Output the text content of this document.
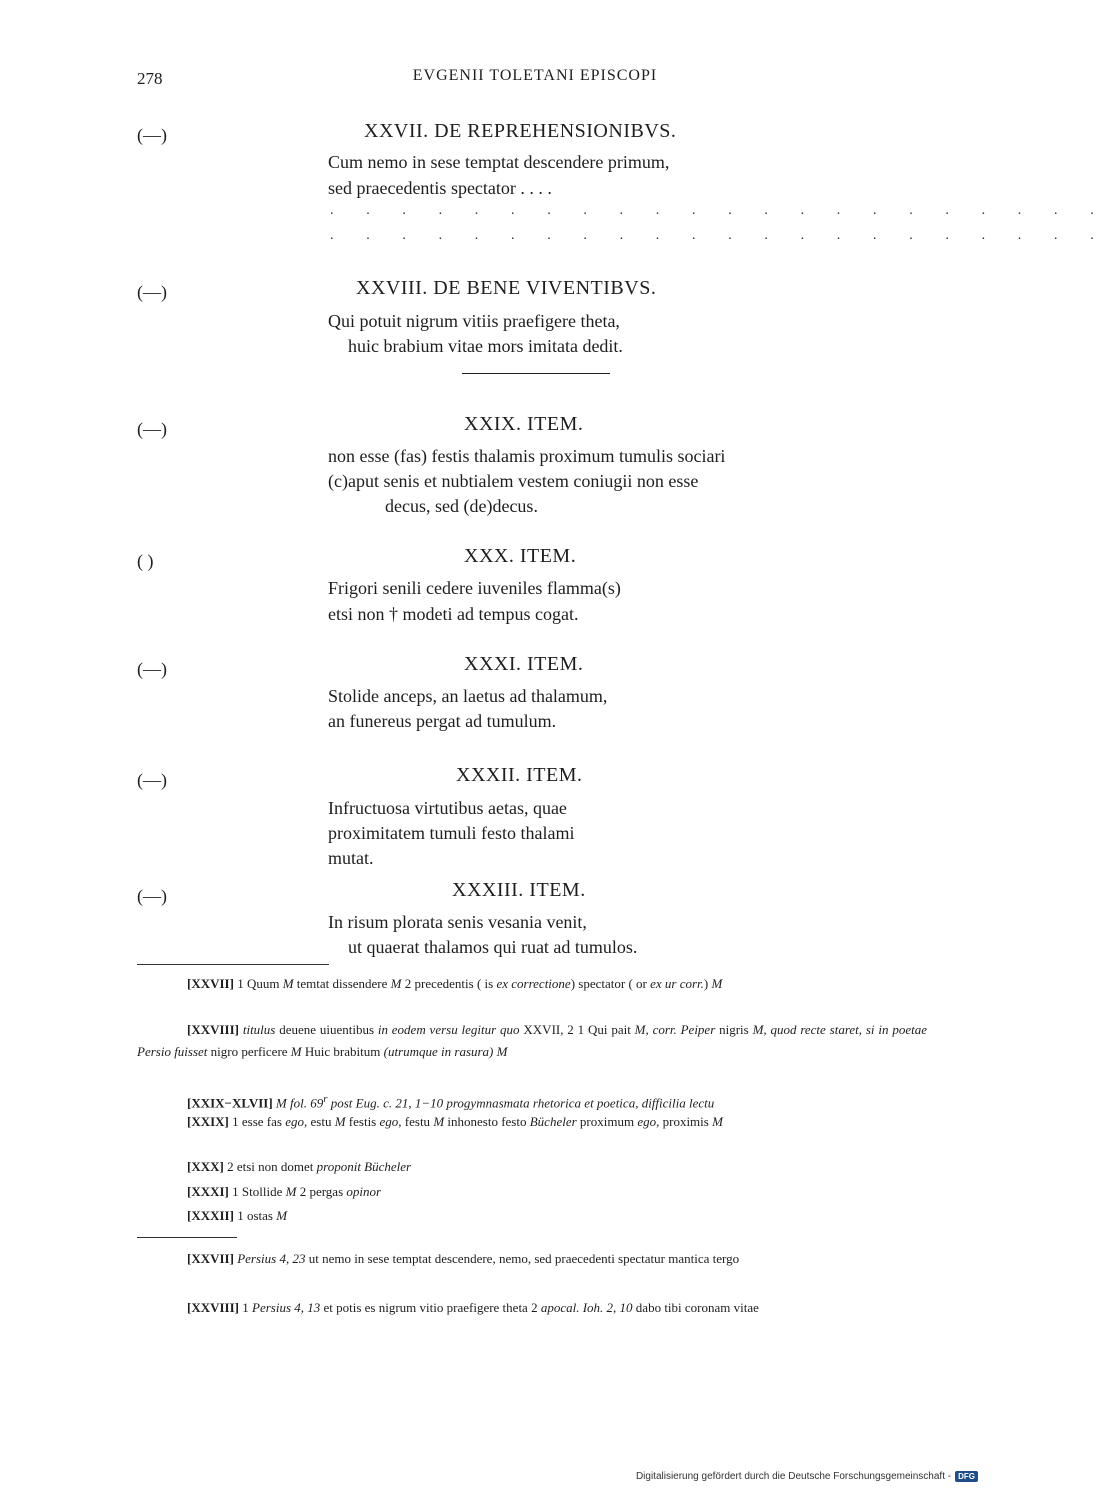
278	EVGENII TOLETANI EPISCOPI
(—)	XXVII. DE REPREHENSIONIBVS.
Cum nemo in sese temptat descendere primum,
sed praecedentis spectator . . . .
. . . . . . . . . . . . . . . . . . . . . .
. . . . . . . . . . . . . . . . . . . . . .
(—)	XXVIII. DE BENE VIVENTIBVS.
Qui potuit nigrum vitiis praefigere theta,
huic brabium vitae mors imitata dedit.
(—)	XXIX. ITEM.
non esse (fas) festis thalamis proximum tumulis sociari
(c)aput senis et nubtialem vestem coniugii non esse
decus, sed (de)decus.
( )	XXX. ITEM.
Frigori senili cedere iuveniles flamma(s)
etsi non † modeti ad tempus cogat.
(—)	XXXI. ITEM.
Stolide anceps, an laetus ad thalamum,
an funereus pergat ad tumulum.
(—)	XXXII. ITEM.
Infructuosa virtutibus aetas, quae
proximitatem tumuli festo thalami
mutat.
(—)	XXXIII. ITEM.
In risum plorata senis vesania venit,
ut quaerat thalamos qui ruat ad tumulos.
[XXVII] 1 Quum M temtat dissendere M 2 precedentis ( is ex correctione) spectator ( or ex ur corr.) M
[XXVIII] titulus deuene uiuentibus in eodem versu legitur quo XXVII, 2 1 Qui pait M, corr. Peiper nigris M, quod recte staret, si in poetae Persio fuisset nigro perficere M Huic brabitum (utrumque in rasura) M
[XXIX−XLVII] M fol. 69$^r$ post Eug. c. 21, 1−10 progymnasmata rhetorica et poetica, difficilia lectu
[XXIX] 1 esse fas ego, estu M festis ego, festu M inhonesto festo Bücheler proximum ego, proximis M
[XXX] 2 etsi non domet proponit Bücheler
[XXXI] 1 Stollide M 2 pergas opinor
[XXXII] 1 ostas M
[XXVII] Persius 4, 23 ut nemo in sese temptat descendere, nemo, sed praecedenti spectatur mantica tergo
[XXVIII] 1 Persius 4, 13 et potis es nigrum vitio praefigere theta 2 apocal. Ioh. 2, 10 dabo tibi coronam vitae
Digitalisierung gefördert durch die Deutsche Forschungsgemeinschaft - DFG
